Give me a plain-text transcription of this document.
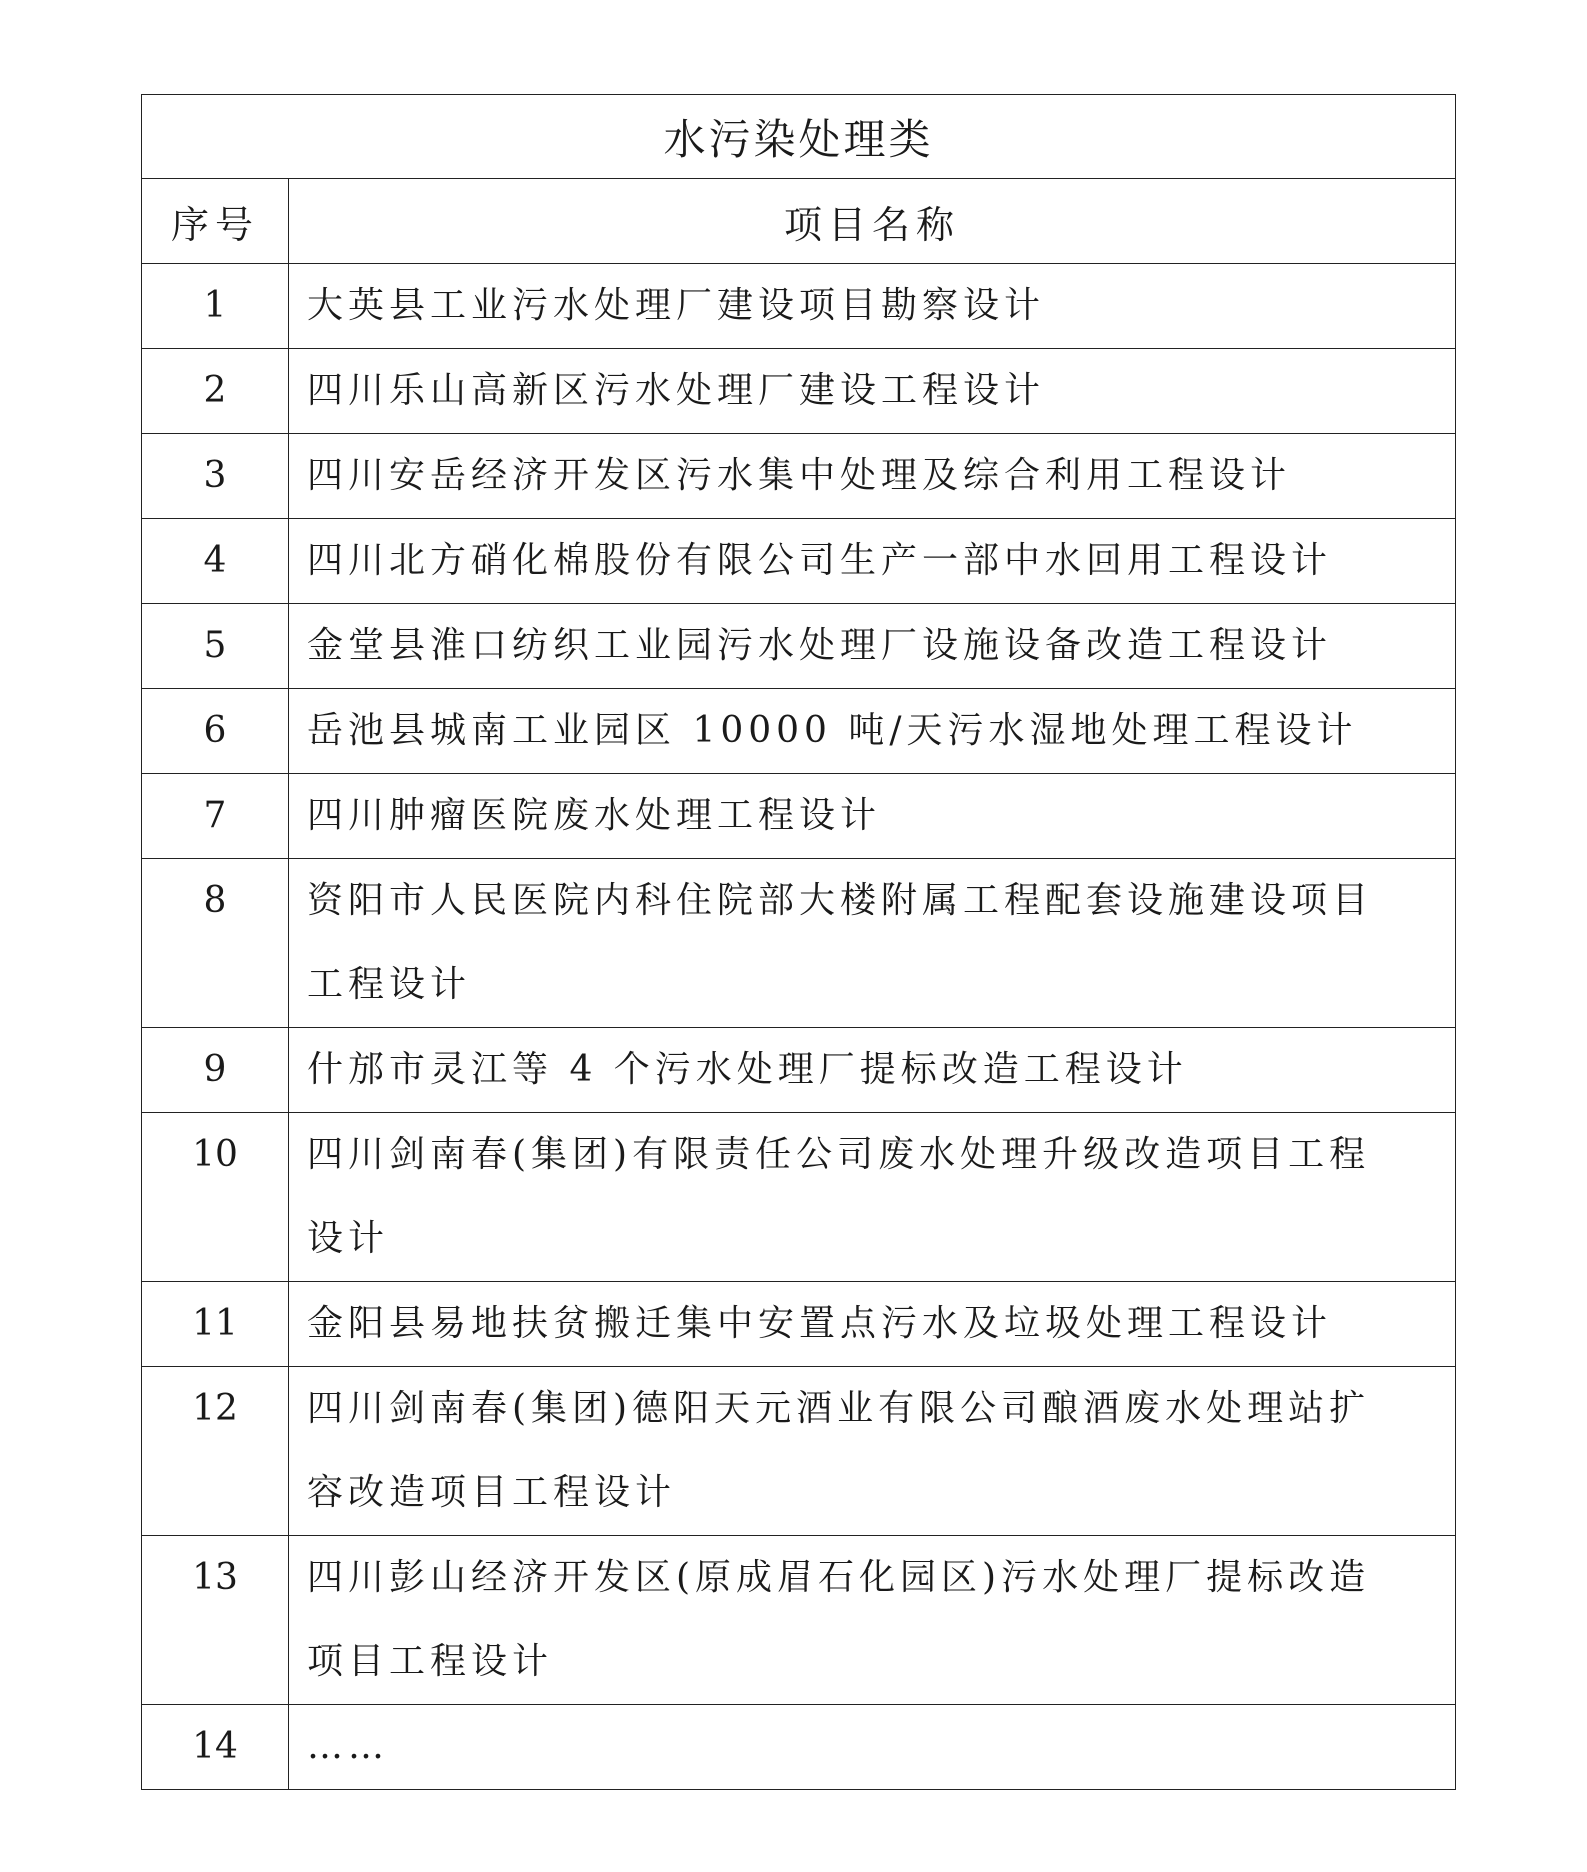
水污染处理类	
序号	项目名称
1	大英县工业污水处理厂建设项目勘察设计

2	四川乐山高新区污水处理厂建设工程设计

3	四川安岳经济开发区污水集中处理及综合利用工程设计

4	四川北方硝化棉股份有限公司生产一部中水回用工程设计

5	金堂县淮口纺织工业园污水处理厂设施设备改造工程设计

6	岳池县城南工业园区 10000 吨/天污水湿地处理工程设计

7	四川肿瘤医院废水处理工程设计

8	资阳市人民医院内科住院部大楼附属工程配套设施建设项目
工程设计

9	什邡市灵江等 4 个污水处理厂提标改造工程设计

10	四川剑南春(集团)有限责任公司废水处理升级改造项目工程
设计

11	金阳县易地扶贫搬迁集中安置点污水及垃圾处理工程设计

12	四川剑南春(集团)德阳天元酒业有限公司酿酒废水处理站扩
容改造项目工程设计

13	四川彭山经济开发区(原成眉石化园区)污水处理厂提标改造
项目工程设计

14	……
